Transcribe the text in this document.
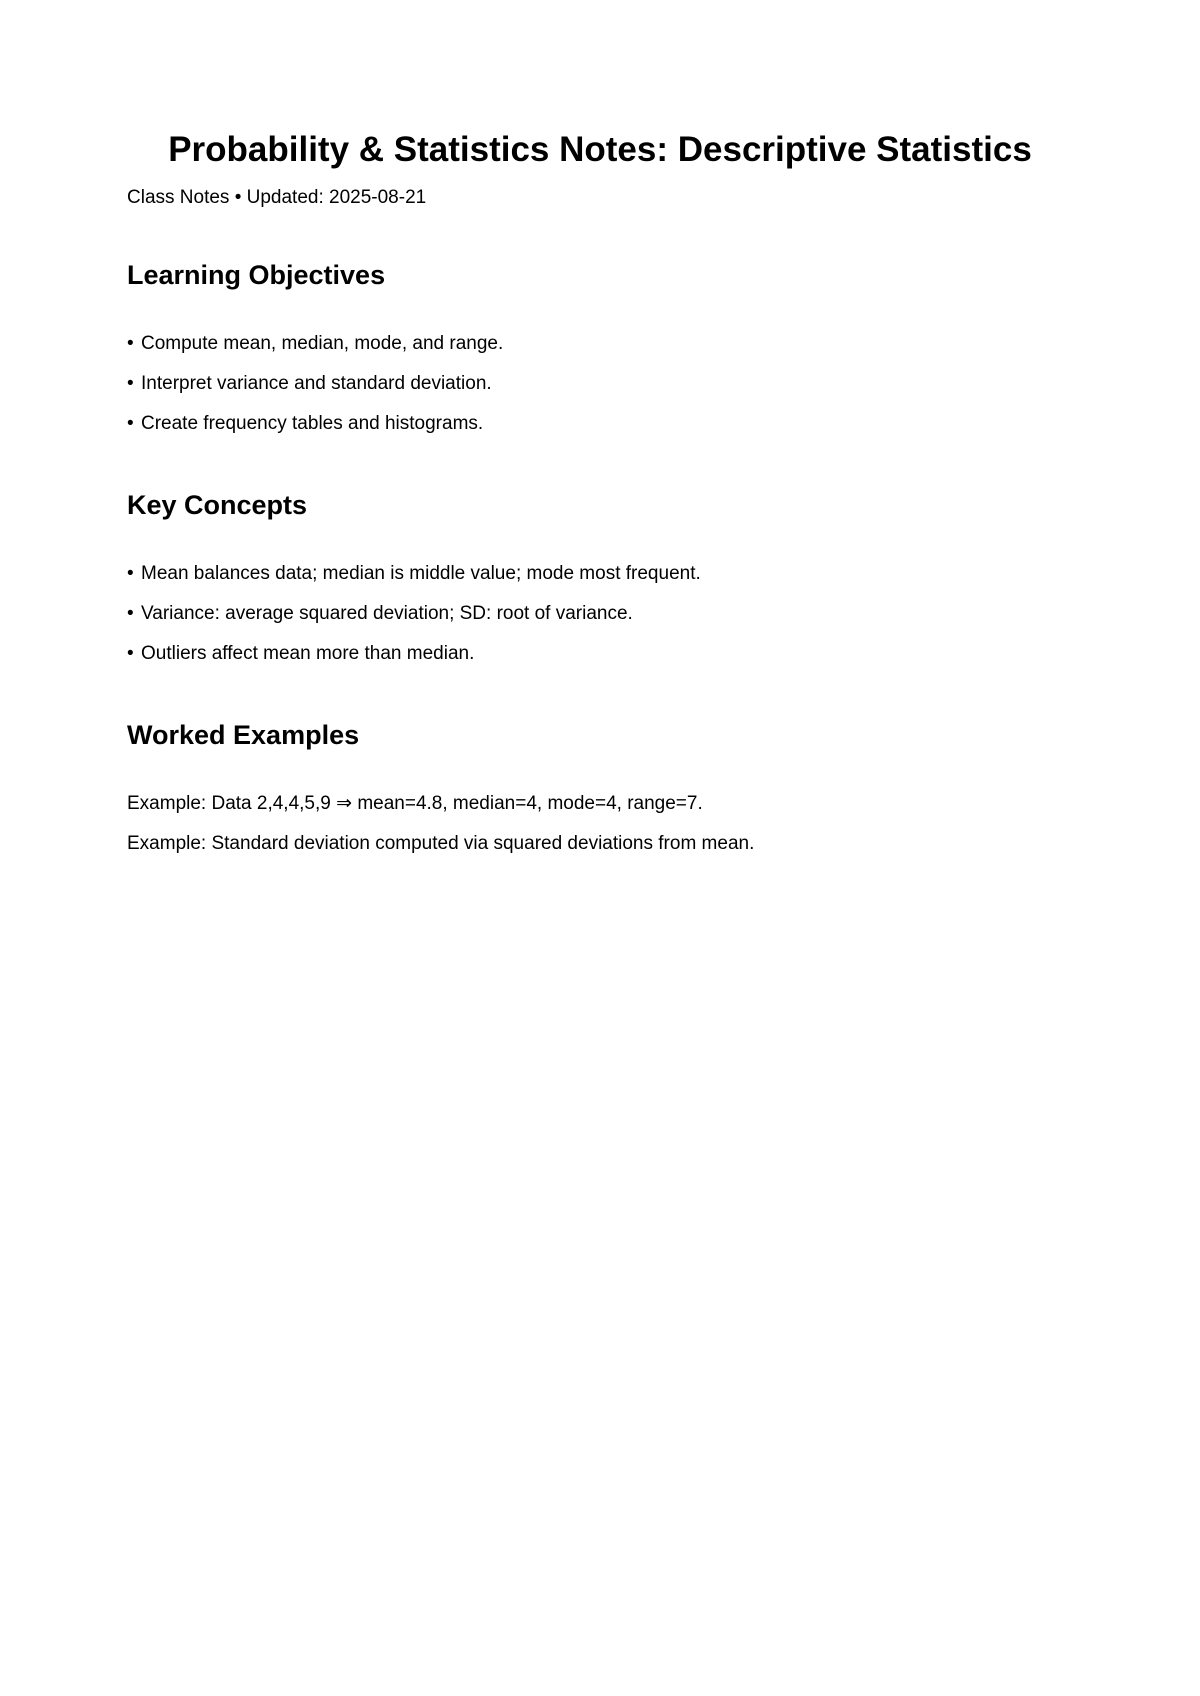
Probability & Statistics Notes: Descriptive Statistics

Class Notes • Updated: 2025-08-21

Learning Objectives

• Compute mean, median, mode, and range.

• Interpret variance and standard deviation.

• Create frequency tables and histograms.

Key Concepts

• Mean balances data; median is middle value; mode most frequent.

• Variance: average squared deviation; SD: root of variance.

• Outliers affect mean more than median.

Worked Examples

Example: Data 2,4,4,5,9 ⇒ mean=4.8, median=4, mode=4, range=7.

Example: Standard deviation computed via squared deviations from mean.
